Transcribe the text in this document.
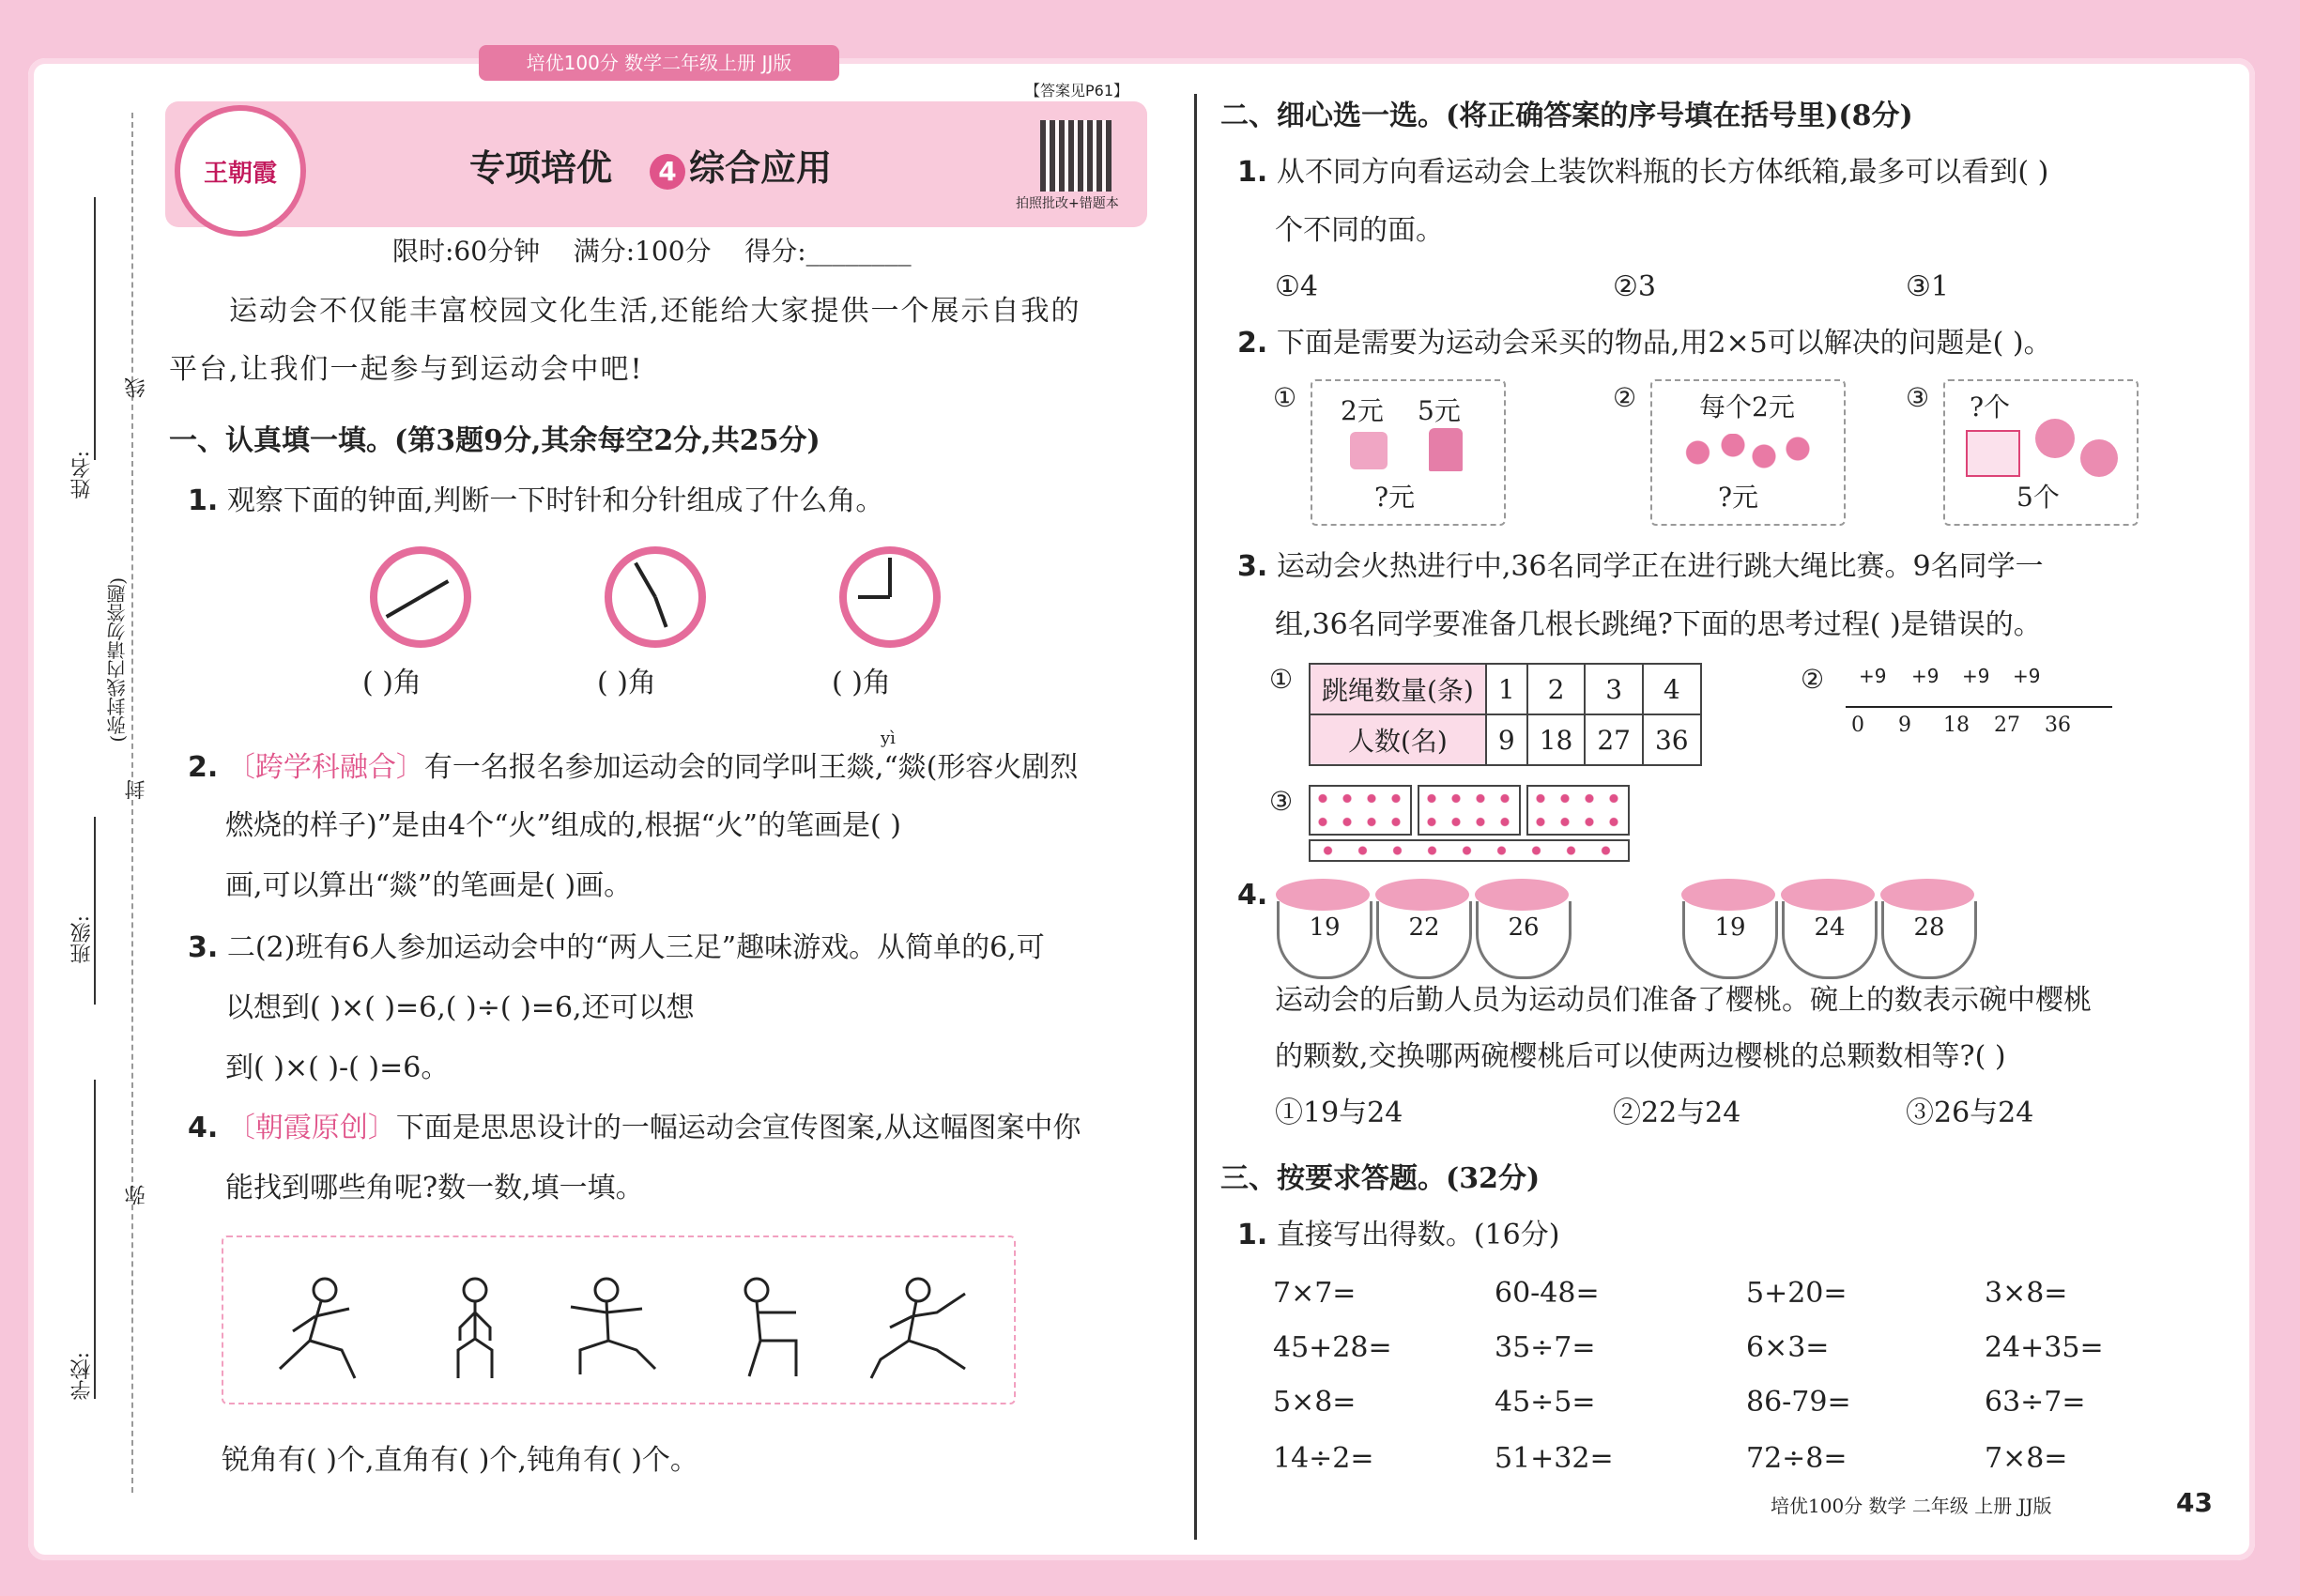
培优100分 数学二年级上册 JJ版
姓名:
班级:
学校:
(弥封线内请勿答题)
线
封
弥
王朝霞	专项培优 4 综合应用
【答案见P61】
拍照批改+错题本
限时:60分钟 满分:100分 得分:________
运动会不仅能丰富校园文化生活,还能给大家提供一个展示自我的
平台,让我们一起参与到运动会中吧!
一、认真填一填。(第3题9分,其余每空2分,共25分)
1. 观察下面的钟面,判断一下时针和分针组成了什么角。
( )角	( )角	( )角
yì
2. 〔跨学科融合〕有一名报名参加运动会的同学叫王燚,“燚(形容火剧烈
燃烧的样子)”是由4个“火”组成的,根据“火”的笔画是( )
画,可以算出“燚”的笔画是( )画。
3. 二(2)班有6人参加运动会中的“两人三足”趣味游戏。从简单的6,可
以想到( )×( )=6,( )÷( )=6,还可以想
到( )×( )-( )=6。
4. 〔朝霞原创〕下面是思思设计的一幅运动会宣传图案,从这幅图案中你
能找到哪些角呢?数一数,填一填。
锐角有( )个,直角有( )个,钝角有( )个。
二、细心选一选。(将正确答案的序号填在括号里)(8分)
1. 从不同方向看运动会上装饮料瓶的长方体纸箱,最多可以看到( )
个不同的面。
①4	②3	③1
2. 下面是需要为运动会采买的物品,用2×5可以解决的问题是( )。
① 2元 5元
?元
② 每个2元
?元
③ ?个
5个
3. 运动会火热进行中,36名同学正在进行跳大绳比赛。9名同学一
组,36名同学要准备几根长跳绳?下面的思考过程( )是错误的。
① 跳绳数量(条)	1	2	3	4
人数(名)	9	18	27	36
② +9 +9 +9 +9
0 9 18 27 36
③
4.
19	22	26	19	24	28
运动会的后勤人员为运动员们准备了樱桃。碗上的数表示碗中樱桃
的颗数,交换哪两碗樱桃后可以使两边樱桃的总颗数相等?( )
①19与24	②22与24	③26与24
三、按要求答题。(32分)
1. 直接写出得数。(16分)
7×7=	60-48=	5+20=	3×8=
45+28=	35÷7=	6×3=	24+35=
5×8=	45÷5=	86-79=	63÷7=
14÷2=	51+32=	72÷8=	7×8=
培优100分 数学 二年级 上册 JJ版	43
